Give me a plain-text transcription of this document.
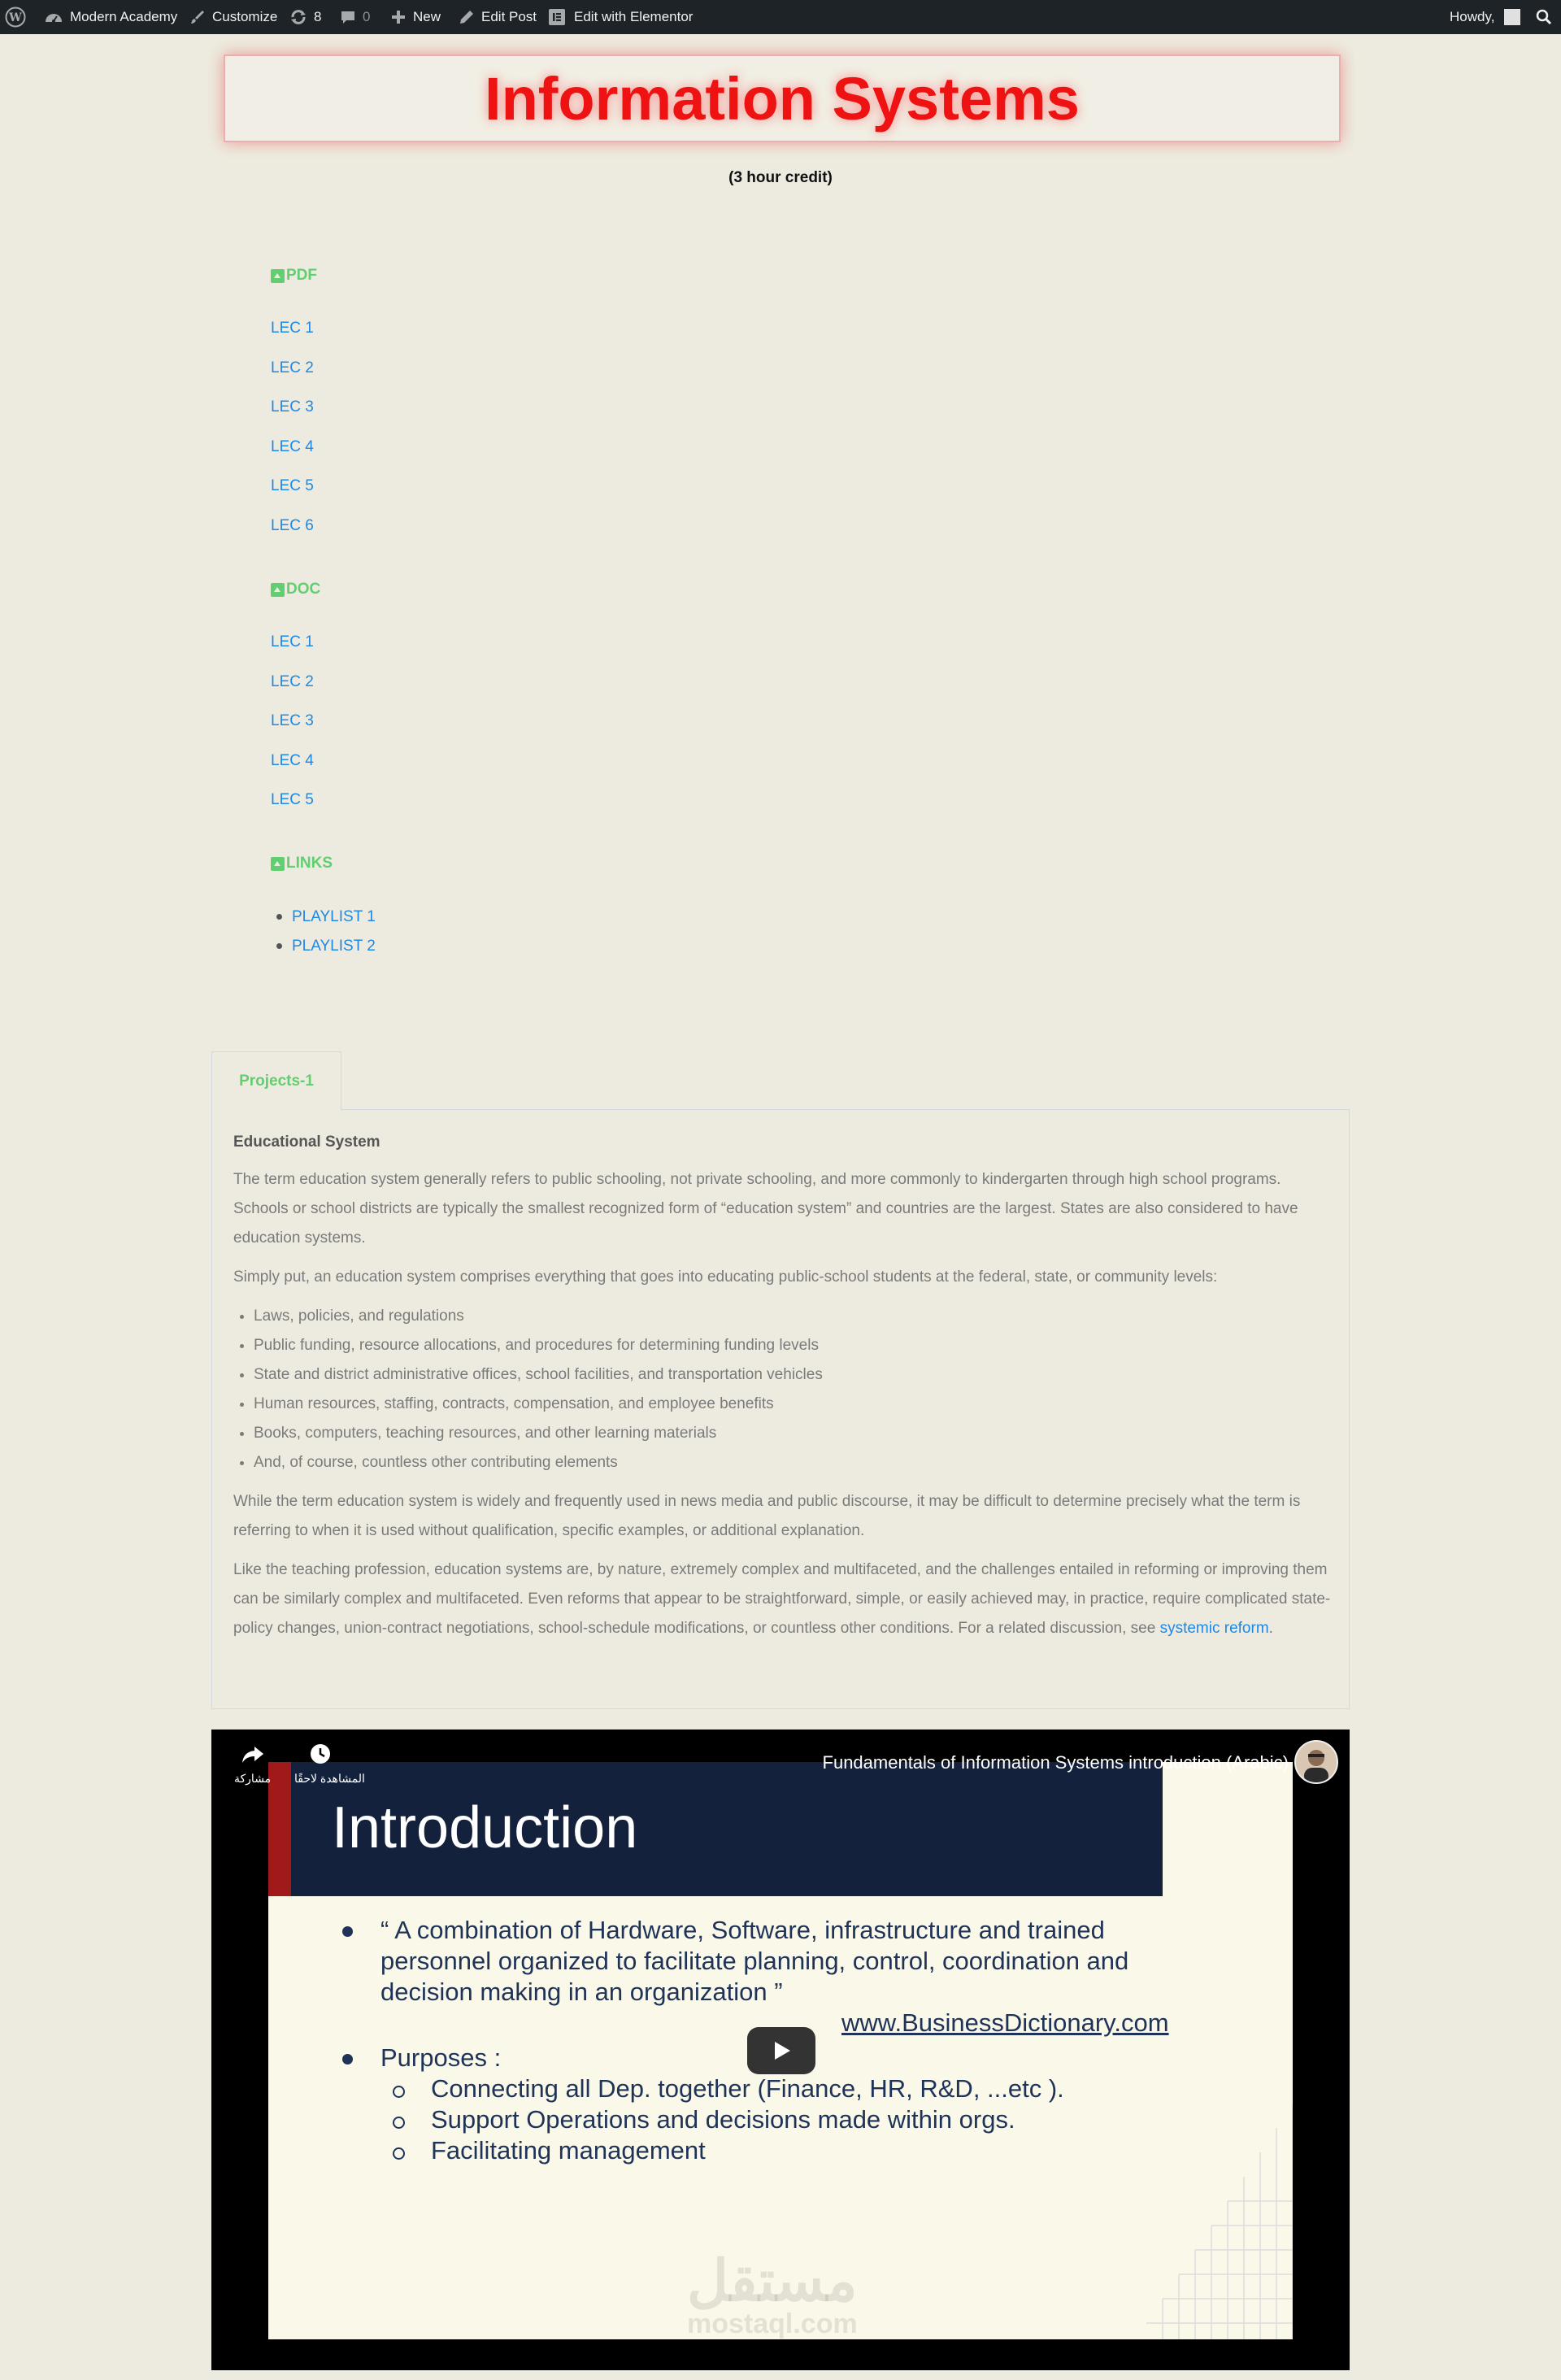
W	Modern Academy	Customize	8	0	New	Edit Post	Edit with Elementor	Howdy,
Information Systems
(3 hour credit)
PDF
LEC 1
LEC 2
LEC 3
LEC 4
LEC 5
LEC 6
DOC
LEC 1
LEC 2
LEC 3
LEC 4
LEC 5
LINKS
PLAYLIST 1
PLAYLIST 2
Projects-1

Educational System

The term education system generally refers to public schooling, not private schooling, and more commonly to kindergarten through high school programs. Schools or school districts are typically the smallest recognized form of “education system” and countries are the largest. States are also considered to have education systems.

Simply put, an education system comprises everything that goes into educating public-school students at the federal, state, or community levels:

• Laws, policies, and regulations
• Public funding, resource allocations, and procedures for determining funding levels
• State and district administrative offices, school facilities, and transportation vehicles
• Human resources, staffing, contracts, compensation, and employee benefits
• Books, computers, teaching resources, and other learning materials
• And, of course, countless other contributing elements

While the term education system is widely and frequently used in news media and public discourse, it may be difficult to determine precisely what the term is referring to when it is used without qualification, specific examples, or additional explanation.

Like the teaching profession, education systems are, by nature, extremely complex and multifaceted, and the challenges entailed in reforming or improving them can be similarly complex and multifaceted. Even reforms that appear to be straightforward, simple, or easily achieved may, in practice, require complicated state-policy changes, union-contract negotiations, school-schedule modifications, or countless other conditions. For a related discussion, see systemic reform.

Introduction
“ A combination of Hardware, Software, infrastructure and trained
personnel organized to facilitate planning, control, coordination and
decision making in an organization ”
www.BusinessDictionary.com
Purposes :
Connecting all Dep. together (Finance, HR, R&D, ...etc ).
Support Operations and decisions made within orgs.
Facilitating management
مشاركة المشاهدة لاحقًا
Fundamentals of Information Systems introduction (Arabic)
مستقل
mostaql.com
